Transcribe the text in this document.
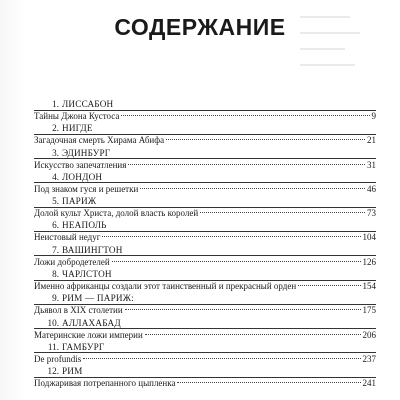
СОДЕРЖАНИЕ
1. ЛИССАБОН
Тайны Джона Кустоса	9
2. НИГДЕ
Загадочная смерть Хирама Абифа	21
3. ЭДИНБУРГ
Искусство запечатления	31
4. ЛОНДОН
Под знаком гуся и решетки	46
5. ПАРИЖ
Долой культ Христа, долой власть королей	73
6. НЕАПОЛЬ
Неистовый недуг	104
7. ВАШИНГТОН
Ложи добродетелей	126
8. ЧАРЛСТОН
Именно африканцы создали этот таинственный и прекрасный орден	154
9. РИМ — ПАРИЖ:
Дьявол в XIX столетии	175
10. АЛЛАХАБАД
Материнские ложи империи	206
11. ГАМБУРГ
De profundis	237
12. РИМ
Поджаривая потрепанного цыпленка	241
